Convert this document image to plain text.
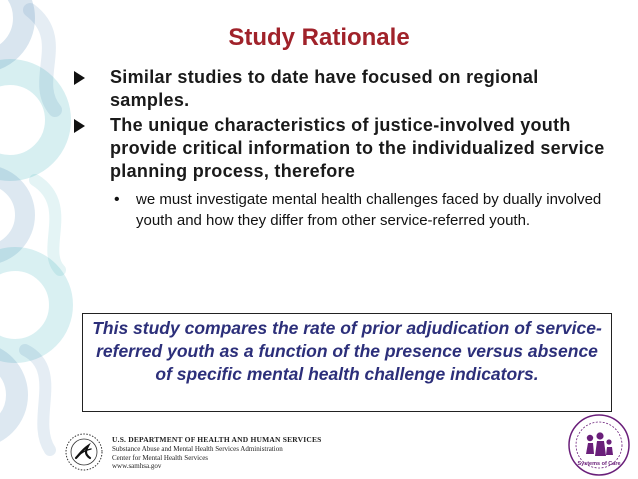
Study Rationale
Similar studies to date have focused on regional samples.
The unique characteristics of justice-involved youth provide critical information to the individualized service planning process, therefore
• we must investigate mental health challenges faced by dually involved youth and how they differ from other service-referred youth.
This study compares the rate of prior adjudication of service-referred youth as a function of the presence versus absence of specific mental health challenge indicators.
U.S. DEPARTMENT OF HEALTH AND HUMAN SERVICES
Substance Abuse and Mental Health Services Administration
Center for Mental Health Services
www.samhsa.gov	Systems of Care
